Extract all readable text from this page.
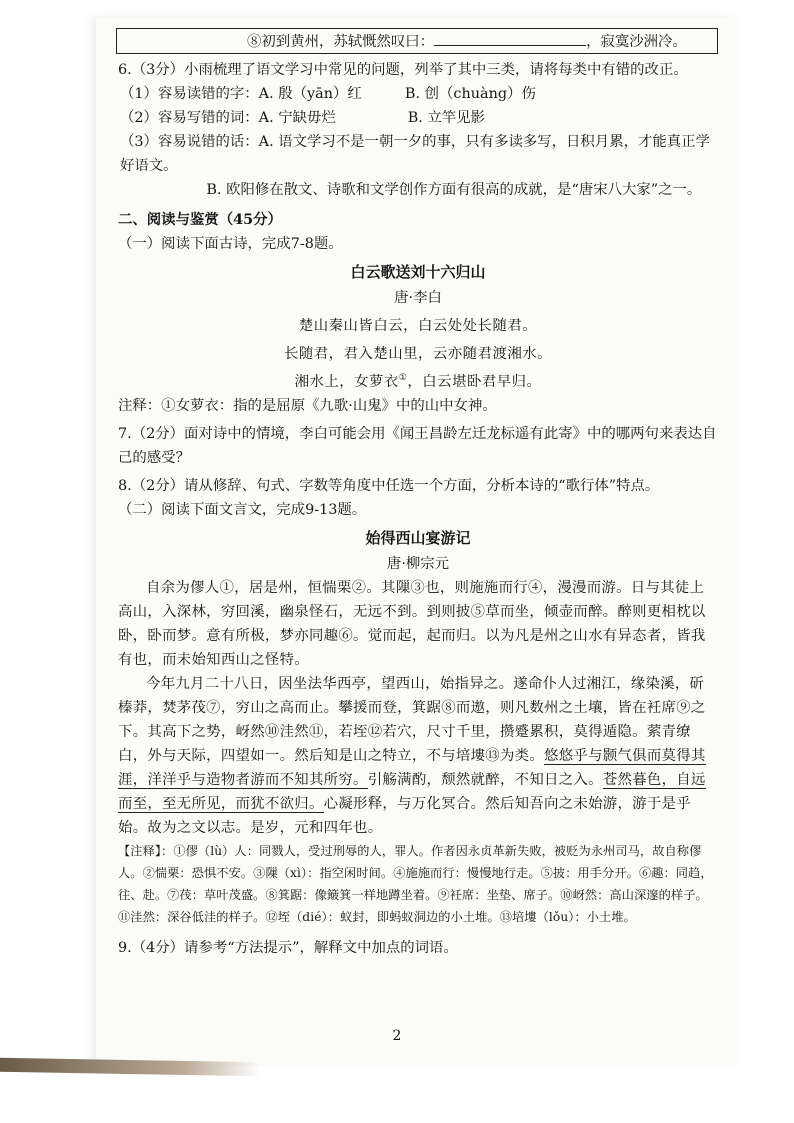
⑧初到黄州，苏轼慨然叹曰：	，寂寞沙洲冷。

6.（3分）小雨梳理了语文学习中常见的问题，列举了其中三类，请将每类中有错的改正。

（1）容易读错的字：A. 殷（yān）红　　　B. 创（chuàng）伤

（2）容易写错的词：A. 宁缺毋烂　　　　　B. 立竿见影

（3）容易说错的话：A. 语文学习不是一朝一夕的事，只有多读多写，日积月累，才能真正学好语文。

　　　　　　B. 欧阳修在散文、诗歌和文学创作方面有很高的成就，是“唐宋八大家”之一。

二、阅读与鉴赏（45分）

（一）阅读下面古诗，完成7-8题。

白云歌送刘十六归山

唐·李白

楚山秦山皆白云，白云处处长随君。

长随君，君入楚山里，云亦随君渡湘水。

湘水上，女萝衣①，白云堪卧君早归。

注释：①女萝衣：指的是屈原《九歌·山鬼》中的山中女神。

7.（2分）面对诗中的情境，李白可能会用《闻王昌龄左迁龙标遥有此寄》中的哪两句来表达自己的感受？

8.（2分）请从修辞、句式、字数等角度中任选一个方面，分析本诗的“歌行体”特点。

（二）阅读下面文言文，完成9-13题。

始得西山宴游记

唐·柳宗元

自余为僇人①，居是州，恒惴栗②。其隟③也，则施施而行④，漫漫而游。日与其徒上高山，入深林，穷回溪，幽泉怪石，无远不到。到则披⑤草而坐，倾壶而醉。醉则更相枕以卧，卧而梦。意有所极，梦亦同趣⑥。觉而起，起而归。以为凡是州之山水有异态者，皆我有也，而未始知西山之怪特。

今年九月二十八日，因坐法华西亭，望西山，始指异之。遂命仆人过湘江，缘染溪，斫榛莽，焚茅茷⑦，穷山之高而止。攀援而登，箕踞⑧而遨，则凡数州之土壤，皆在衽席⑨之下。其高下之势，岈然⑩洼然⑪，若垤⑫若穴，尺寸千里，攒蹙累积，莫得遁隐。萦青缭白，外与天际，四望如一。然后知是山之特立，不与培塿⑬为类。悠悠乎与颢气俱而莫得其涯，洋洋乎与造物者游而不知其所穷。引觞满酌，颓然就醉，不知日之入。苍然暮色，自远而至，至无所见，而犹不欲归。心凝形释，与万化冥合。然后知吾向之未始游，游于是乎始。故为之文以志。是岁，元和四年也。

【注释】：①僇（lù）人：同戮人，受过刑辱的人，罪人。作者因永贞革新失败，被贬为永州司马，故自称僇人。②惴栗：恐惧不安。③隟（xì）：指空闲时间。④施施而行：慢慢地行走。⑤披：用手分开。⑥趣：同趋，往、赴。⑦茷：草叶茂盛。⑧箕踞：像簸箕一样地蹲坐着。⑨衽席：坐垫、席子。⑩岈然：高山深邃的样子。⑪洼然：深谷低洼的样子。⑫垤（dié）：蚁封，即蚂蚁洞边的小土堆。⑬培塿（lǒu）：小土堆。

9.（4分）请参考“方法提示”，解释文中加点的词语。

2
